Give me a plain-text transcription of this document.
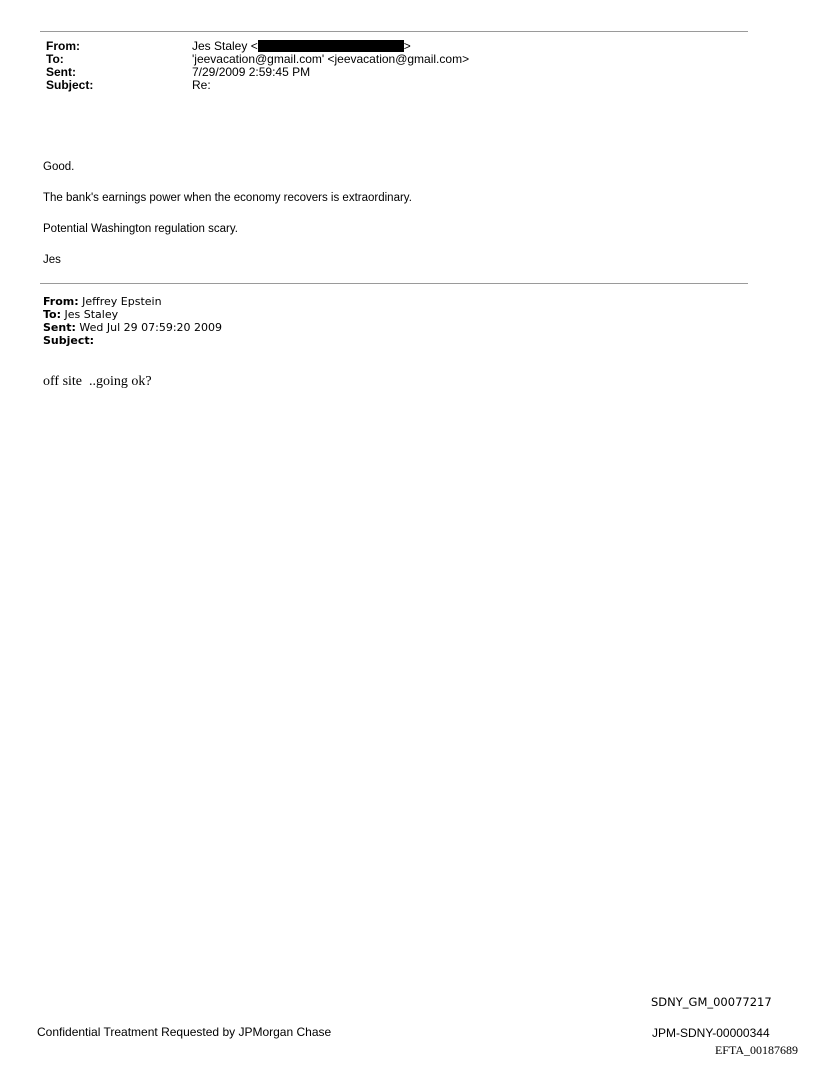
From:	Jes Staley <	>
To:	'jeevacation@gmail.com' <jeevacation@gmail.com>
Sent:	7/29/2009 2:59:45 PM
Subject:	Re:
Good.
The bank's earnings power when the economy recovers is extraordinary.
Potential Washington regulation scary.
Jes
From: Jeffrey Epstein
To: Jes Staley
Sent: Wed Jul 29 07:59:20 2009
Subject:
off site  ..going ok?
SDNY_GM_00077217
Confidential Treatment Requested by JPMorgan Chase	JPM-SDNY-00000344
EFTA_00187689
